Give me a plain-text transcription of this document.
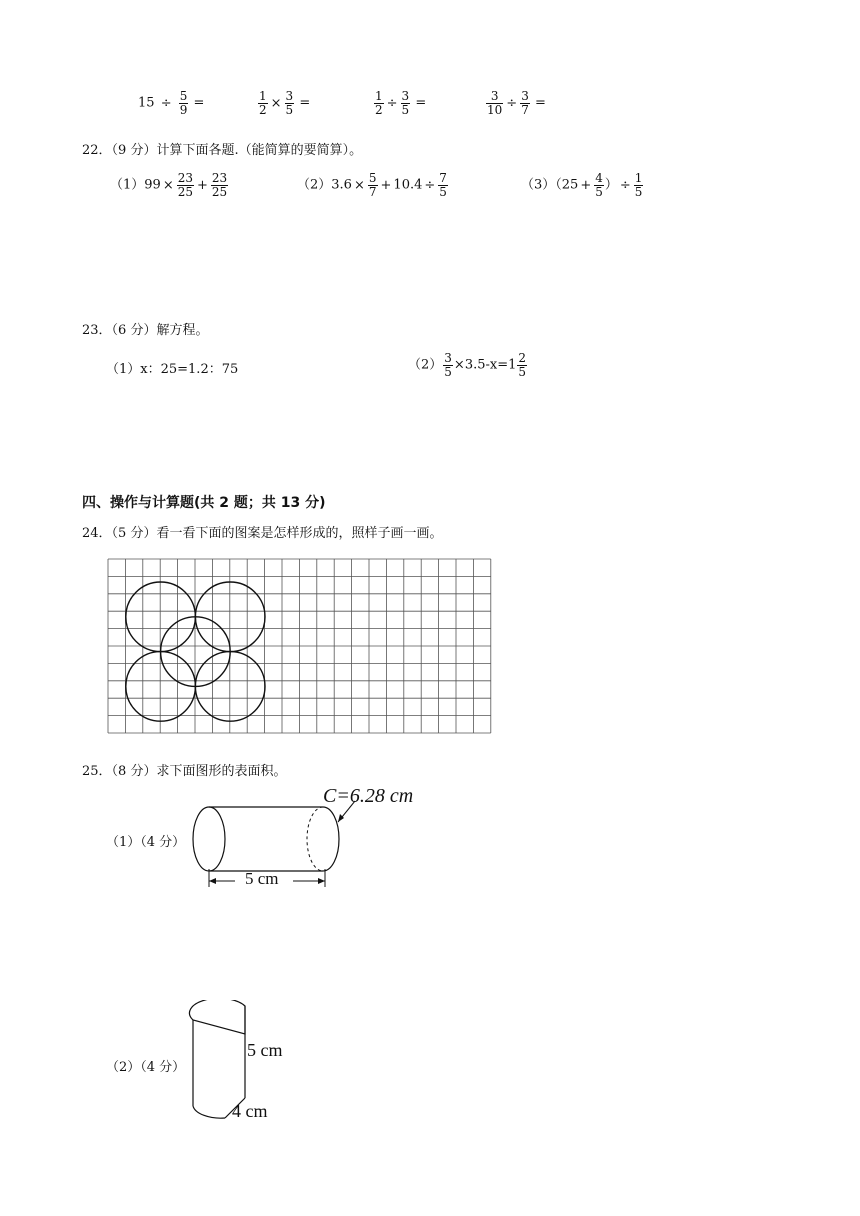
$15 \div \frac{5}{9}$ =	$\frac{1}{2} \times \frac{3}{5}$ =	$\frac{1}{2} \div \frac{3}{5}$ =	$\frac{3}{10} \div \frac{3}{7}$ =
22．（9 分）计算下面各题.（能简算的要简算）。
$(1)99 \times \frac{23}{25} + \frac{23}{25}$	$(2)3.6 \times \frac{5}{7} + 10.4 \div \frac{7}{5}$	$(3)(25 + \frac{4}{5}$ ） ÷ $\frac{1}{5}$
23．（6 分）解方程。
（1）x：25=1.2：75	$(2) \frac{3}{5} \times 3.5-x=1 \frac{2}{5}$
四、操作与计算题(共 2 题；共 13 分)
24．（5 分）看一看下面的图案是怎样形成的，照样子画一画。
25．（8 分）求下面图形的表面积。
（1）（4 分）
C=6.28 cm
5 cm
（2）（4 分）
5 cm
4 cm
